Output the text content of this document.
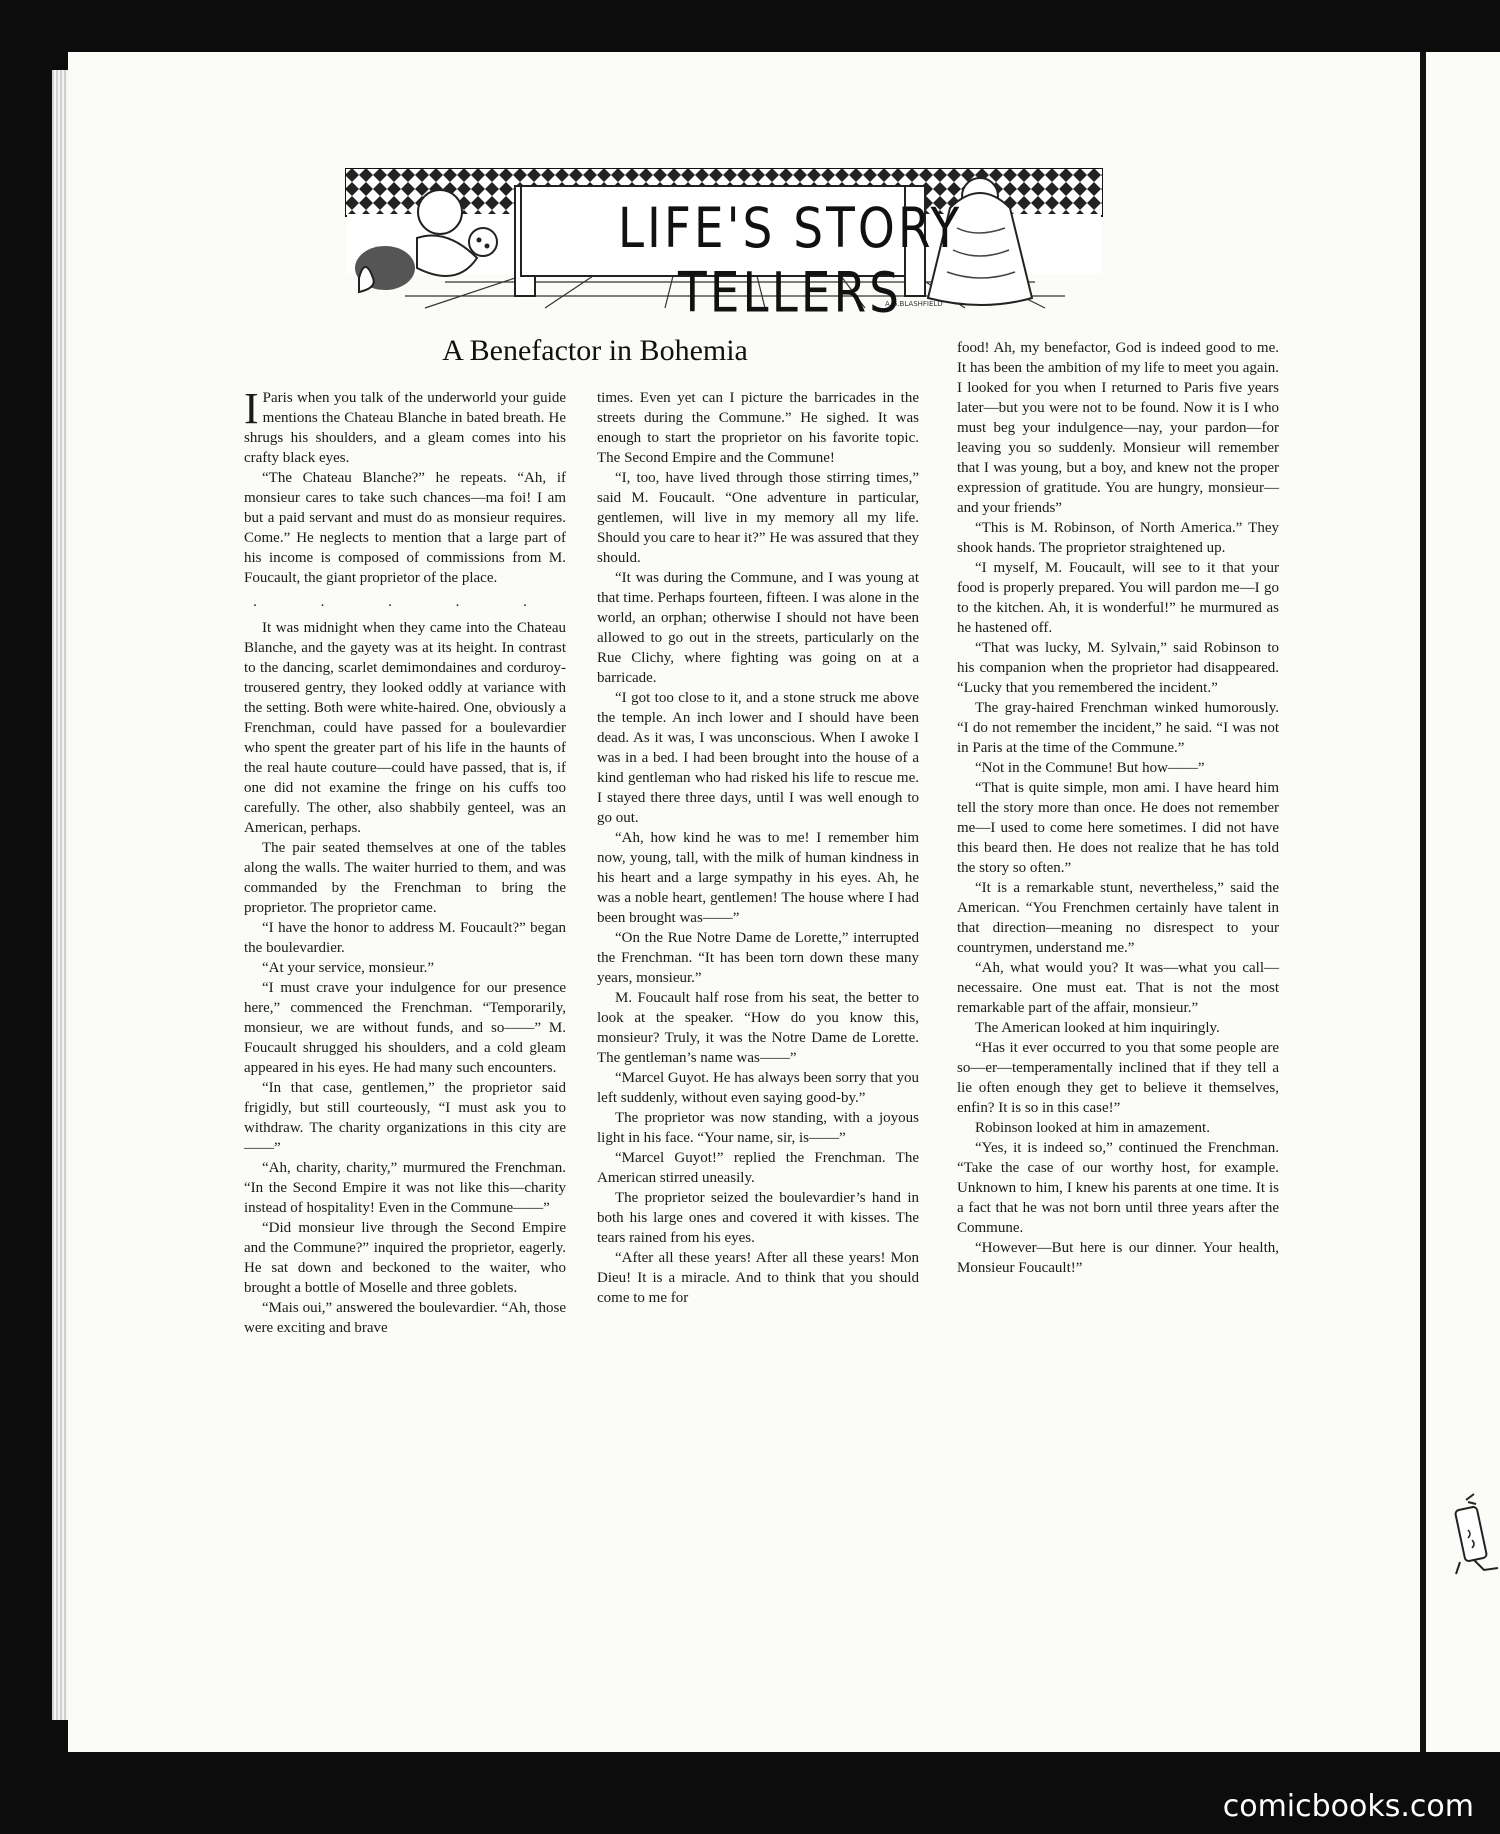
A.G.BLASHFIELD
LIFE'S STORY TELLERS
A Benefactor in Bohemia

I Paris when you talk of the underworld your guide mentions the Chateau Blanche in bated breath. He shrugs his shoulders, and a gleam comes into his crafty black eyes.

“The Chateau Blanche?” he repeats. “Ah, if monsieur cares to take such chances—ma foi! I am but a paid servant and must do as monsieur requires. Come.” He neglects to mention that a large part of his income is composed of commissions from M. Foucault, the giant proprietor of the place.

. . . . .

It was midnight when they came into the Chateau Blanche, and the gayety was at its height. In contrast to the dancing, scarlet demimondaines and corduroy-trousered gentry, they looked oddly at variance with the setting. Both were white-haired. One, obviously a Frenchman, could have passed for a boulevardier who spent the greater part of his life in the haunts of the real haute couture—could have passed, that is, if one did not examine the fringe on his cuffs too carefully. The other, also shabbily genteel, was an American, perhaps.

The pair seated themselves at one of the tables along the walls. The waiter hurried to them, and was commanded by the Frenchman to bring the proprietor. The proprietor came.

“I have the honor to address M. Foucault?” began the boulevardier.

“At your service, monsieur.”

“I must crave your indulgence for our presence here,” commenced the Frenchman. “Temporarily, monsieur, we are without funds, and so——” M. Foucault shrugged his shoulders, and a cold gleam appeared in his eyes. He had many such encounters.

“In that case, gentlemen,” the proprietor said frigidly, but still courteously, “I must ask you to withdraw. The charity organizations in this city are——”

“Ah, charity, charity,” murmured the Frenchman. “In the Second Empire it was not like this—charity instead of hospitality! Even in the Commune——”

“Did monsieur live through the Second Empire and the Commune?” inquired the proprietor, eagerly. He sat down and beckoned to the waiter, who brought a bottle of Moselle and three goblets.

“Mais oui,” answered the boulevardier. “Ah, those were exciting and brave

times. Even yet can I picture the barricades in the streets during the Commune.” He sighed. It was enough to start the proprietor on his favorite topic. The Second Empire and the Commune!

“I, too, have lived through those stirring times,” said M. Foucault. “One adventure in particular, gentlemen, will live in my memory all my life. Should you care to hear it?” He was assured that they should.

“It was during the Commune, and I was young at that time. Perhaps fourteen, fifteen. I was alone in the world, an orphan; otherwise I should not have been allowed to go out in the streets, particularly on the Rue Clichy, where fighting was going on at a barricade.

“I got too close to it, and a stone struck me above the temple. An inch lower and I should have been dead. As it was, I was unconscious. When I awoke I was in a bed. I had been brought into the house of a kind gentleman who had risked his life to rescue me. I stayed there three days, until I was well enough to go out.

“Ah, how kind he was to me! I remember him now, young, tall, with the milk of human kindness in his heart and a large sympathy in his eyes. Ah, he was a noble heart, gentlemen! The house where I had been brought was——”

“On the Rue Notre Dame de Lorette,” interrupted the Frenchman. “It has been torn down these many years, monsieur.”

M. Foucault half rose from his seat, the better to look at the speaker. “How do you know this, monsieur? Truly, it was the Notre Dame de Lorette. The gentleman’s name was——”

“Marcel Guyot. He has always been sorry that you left suddenly, without even saying good-by.”

The proprietor was now standing, with a joyous light in his face. “Your name, sir, is——”

“Marcel Guyot!” replied the Frenchman. The American stirred uneasily.

The proprietor seized the boulevardier’s hand in both his large ones and covered it with kisses. The tears rained from his eyes.

“After all these years! After all these years! Mon Dieu! It is a miracle. And to think that you should come to me for

food! Ah, my benefactor, God is indeed good to me. It has been the ambition of my life to meet you again. I looked for you when I returned to Paris five years later—but you were not to be found. Now it is I who must beg your indulgence—nay, your pardon—for leaving you so suddenly. Monsieur will remember that I was young, but a boy, and knew not the proper expression of gratitude. You are hungry, monsieur—and your friends”

“This is M. Robinson, of North America.” They shook hands. The proprietor straightened up.

“I myself, M. Foucault, will see to it that your food is properly prepared. You will pardon me—I go to the kitchen. Ah, it is wonderful!” he murmured as he hastened off.

“That was lucky, M. Sylvain,” said Robinson to his companion when the proprietor had disappeared. “Lucky that you remembered the incident.”

The gray-haired Frenchman winked humorously. “I do not remember the incident,” he said. “I was not in Paris at the time of the Commune.”

“Not in the Commune! But how——”

“That is quite simple, mon ami. I have heard him tell the story more than once. He does not remember me—I used to come here sometimes. I did not have this beard then. He does not realize that he has told the story so often.”

“It is a remarkable stunt, nevertheless,” said the American. “You Frenchmen certainly have talent in that direction—meaning no disrespect to your countrymen, understand me.”

“Ah, what would you? It was—what you call—necessaire. One must eat. That is not the most remarkable part of the affair, monsieur.”

The American looked at him inquiringly.

“Has it ever occurred to you that some people are so—er—temperamentally inclined that if they tell a lie often enough they get to believe it themselves, enfin? It is so in this case!”

Robinson looked at him in amazement.

“Yes, it is indeed so,” continued the Frenchman. “Take the case of our worthy host, for example. Unknown to him, I knew his parents at one time. It is a fact that he was not born until three years after the Commune.

“However—But here is our dinner. Your health, Monsieur Foucault!”

comicbooks.com
